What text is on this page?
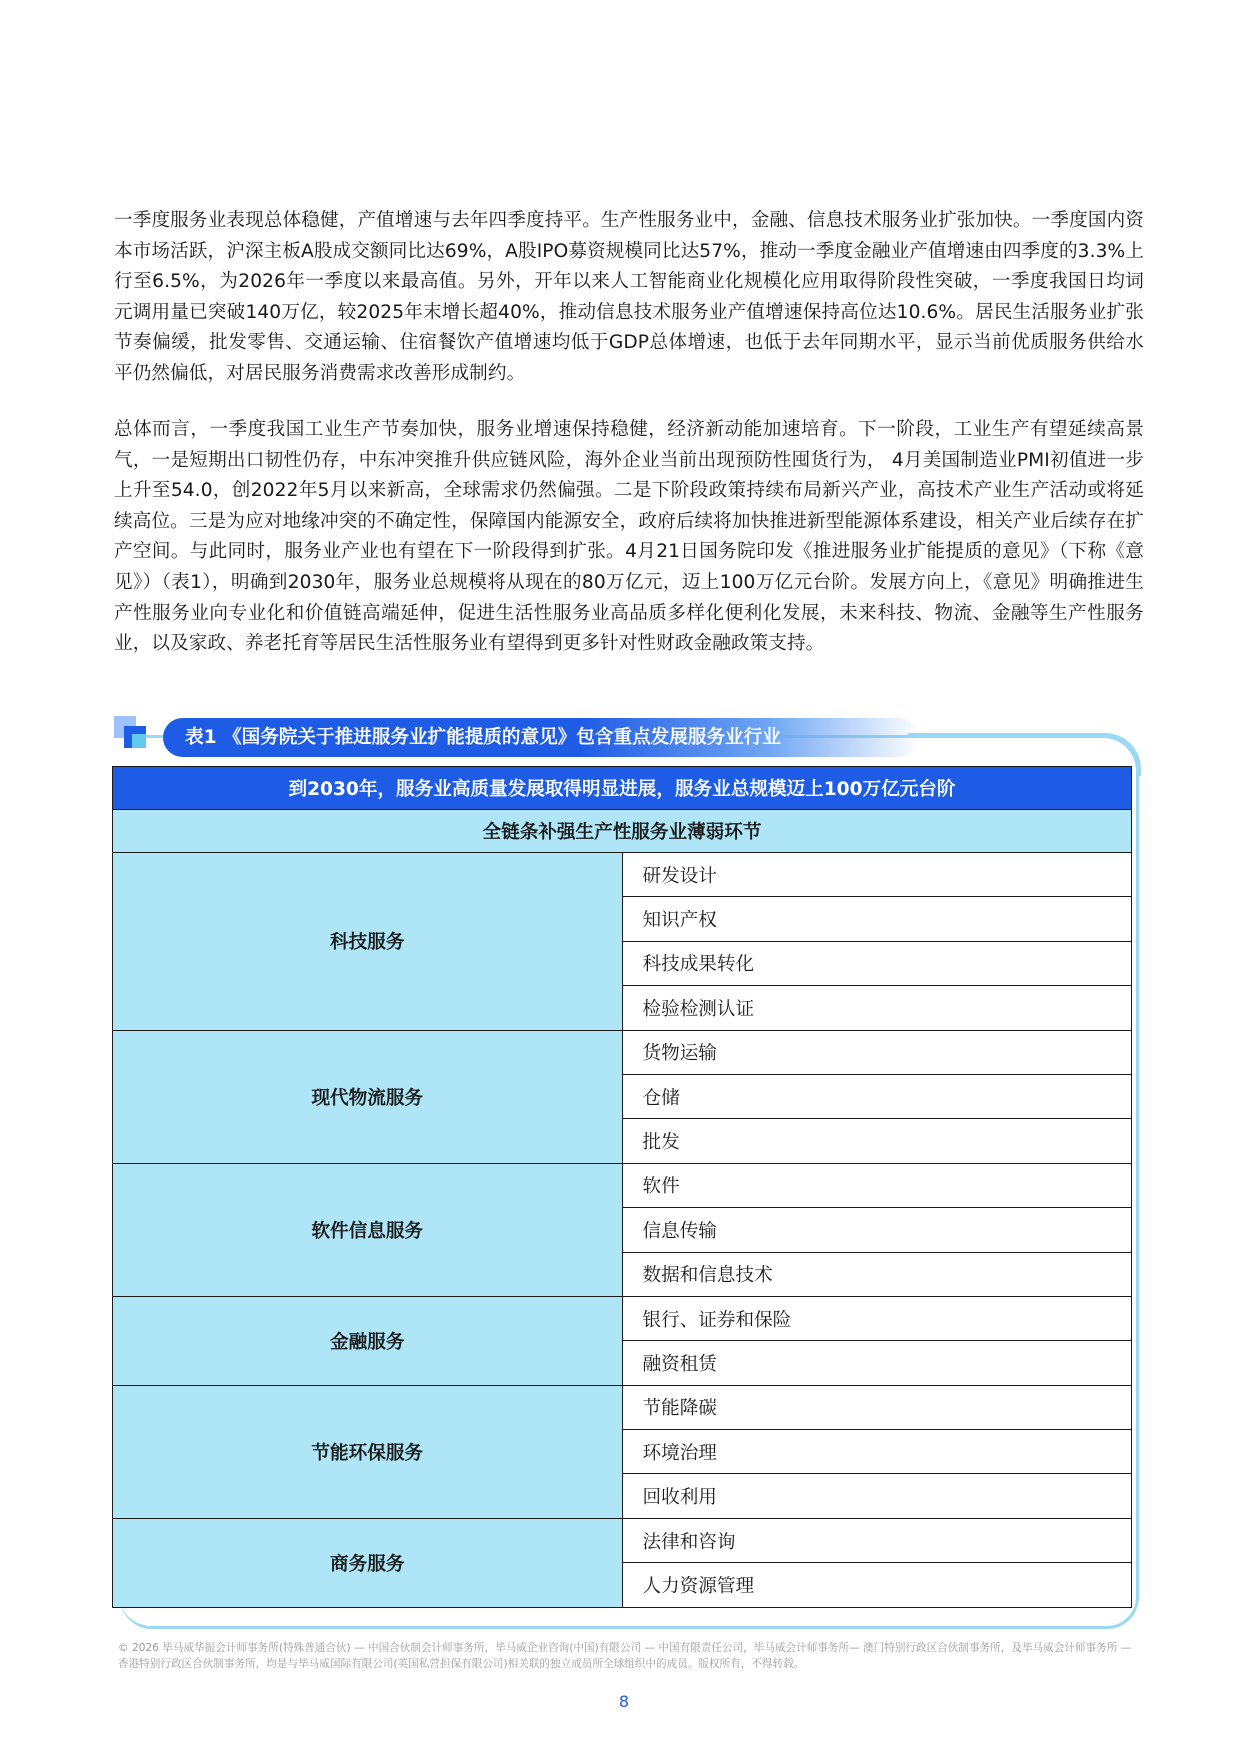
一季度服务业表现总体稳健，产值增速与去年四季度持平。生产性服务业中，金融、信息技术服务业扩张加快。一季度国内资本市场活跃，沪深主板A股成交额同比达69%，A股IPO募资规模同比达57%，推动一季度金融业产值增速由四季度的3.3%上行至6.5%，为2026年一季度以来最高值。另外，开年以来人工智能商业化规模化应用取得阶段性突破，一季度我国日均词元调用量已突破140万亿，较2025年末增长超40%，推动信息技术服务业产值增速保持高位达10.6%。居民生活服务业扩张节奏偏缓，批发零售、交通运输、住宿餐饮产值增速均低于GDP总体增速，也低于去年同期水平，显示当前优质服务供给水平仍然偏低，对居民服务消费需求改善形成制约。

总体而言，一季度我国工业生产节奏加快，服务业增速保持稳健，经济新动能加速培育。下一阶段，工业生产有望延续高景气，一是短期出口韧性仍存，中东冲突推升供应链风险，海外企业当前出现预防性囤货行为， 4月美国制造业PMI初值进一步上升至54.0，创2022年5月以来新高，全球需求仍然偏强。二是下阶段政策持续布局新兴产业，高技术产业生产活动或将延续高位。三是为应对地缘冲突的不确定性，保障国内能源安全，政府后续将加快推进新型能源体系建设，相关产业后续存在扩产空间。与此同时，服务业产业也有望在下一阶段得到扩张。4月21日国务院印发《推进服务业扩能提质的意见》（下称《意见》）（表1），明确到2030年，服务业总规模将从现在的80万亿元，迈上100万亿元台阶。发展方向上，《意见》明确推进生产性服务业向专业化和价值链高端延伸，促进生活性服务业高品质多样化便利化发展，未来科技、物流、金融等生产性服务业，以及家政、养老托育等居民生活性服务业有望得到更多针对性财政金融政策支持。

表1 《国务院关于推进服务业扩能提质的意见》包含重点发展服务业行业
到2030年，服务业高质量发展取得明显进展，服务业总规模迈上100万亿元台阶	
全链条补强生产性服务业薄弱环节	
科技服务	研发设计
	知识产权
	科技成果转化
	检验检测认证
现代物流服务	货物运输
	仓储
	批发
软件信息服务	软件
	信息传输
	数据和信息技术
金融服务	银行、证券和保险
	融资租赁
节能环保服务	节能降碳
	环境治理
	回收利用
商务服务	法律和咨询
	人力资源管理
© 2026 毕马威华振会计师事务所(特殊普通合伙) — 中国合伙制会计师事务所，毕马威企业咨询(中国)有限公司 — 中国有限责任公司，毕马威会计师事务所— 澳门特别行政区合伙制事务所，及毕马威会计师事务所 — 香港特别行政区合伙制事务所，均是与毕马威国际有限公司(英国私营担保有限公司)相关联的独立成员所全球组织中的成员。版权所有，不得转载。
8
